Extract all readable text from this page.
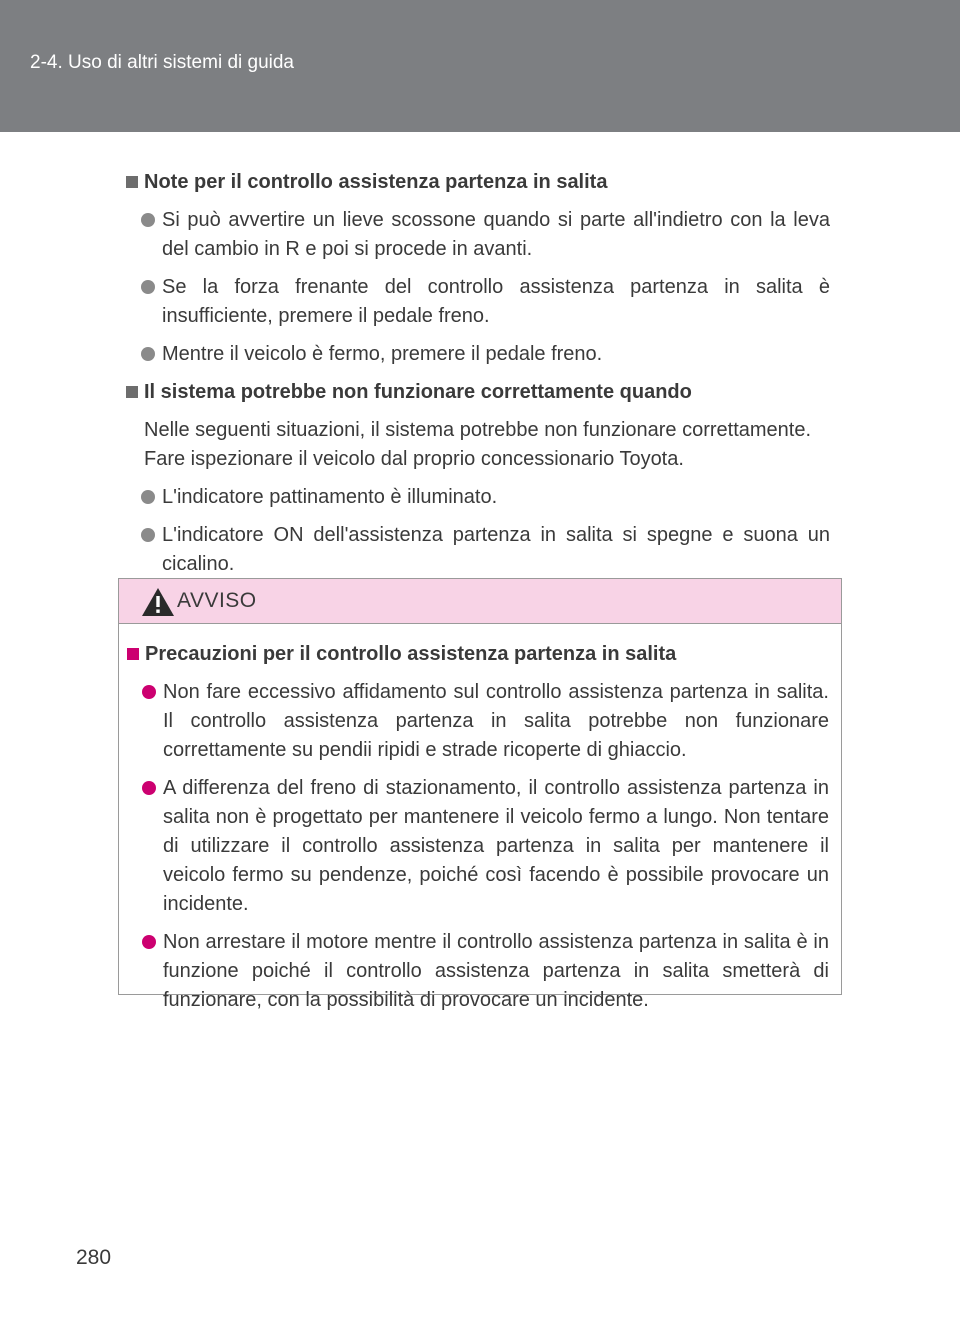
2-4. Uso di altri sistemi di guida
Note per il controllo assistenza partenza in salita
Si può avvertire un lieve scossone quando si parte all'indietro con la leva del cambio in R e poi si procede in avanti.
Se la forza frenante del controllo assistenza partenza in salita è insufficiente, premere il pedale freno.
Mentre il veicolo è fermo, premere il pedale freno.
Il sistema potrebbe non funzionare correttamente quando
Nelle seguenti situazioni, il sistema potrebbe non funzionare correttamente. Fare ispezionare il veicolo dal proprio concessionario Toyota.
L'indicatore pattinamento è illuminato.
L'indicatore ON dell'assistenza partenza in salita si spegne e suona un cicalino.
AVVISO
Precauzioni per il controllo assistenza partenza in salita
Non fare eccessivo affidamento sul controllo assistenza partenza in salita. Il controllo assistenza partenza in salita potrebbe non funzionare correttamente su pendii ripidi e strade ricoperte di ghiaccio.
A differenza del freno di stazionamento, il controllo assistenza partenza in salita non è progettato per mantenere il veicolo fermo a lungo. Non tentare di utilizzare il controllo assistenza partenza in salita per mantenere il veicolo fermo su pendenze, poiché così facendo è possibile provocare un incidente.
Non arrestare il motore mentre il controllo assistenza partenza in salita è in funzione poiché il controllo assistenza partenza in salita smetterà di funzionare, con la possibilità di provocare un incidente.
280
